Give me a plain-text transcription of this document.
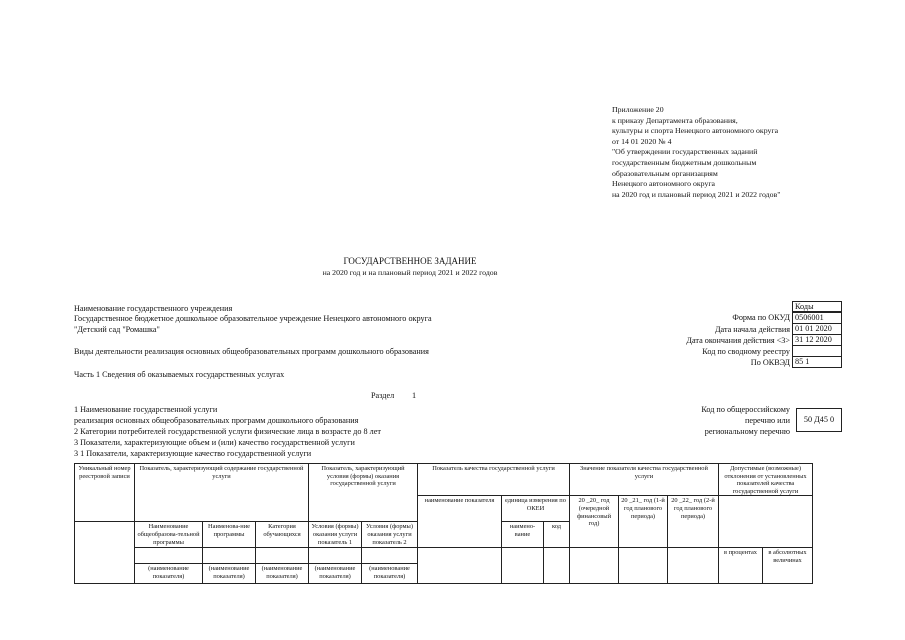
Приложение 20
к приказу Департамента образования,
культуры и спорта Ненецкого автономного округа
от 14 01 2020 № 4
"Об утверждении государственных заданий
государственным бюджетным дошкольным
образовательным организациям
Ненецкого автономного округа
на 2020 год и плановый период 2021 и 2022 годов"
ГОСУДАРСТВЕННОЕ ЗАДАНИЕ
на 2020 год и на плановый период 2021 и 2022 годов
Наименование государственного учреждения
Государственное бюджетное дошкольное образовательное учреждение Ненецкого автономного округа
"Детский сад "Ромашка"
Виды деятельности реализация основных общеобразовательных программ дошкольного образования
Коды
Форма по ОКУД 0506001
Дата начала действия 01 01 2020
Дата окончания действия <3> 31 12 2020
Код по сводному реестру
По ОКВЭД 85 1
Часть 1 Сведения об оказываемых государственных услугах
Раздел 1
1 Наименование государственной услуги
реализация основных общеобразовательных программ дошкольного образования
2 Категории потребителей государственной услуги физические лица в возрасте до 8 лет
3 Показатели, характеризующие объем и (или) качество государственной услуги
3 1 Показатели, характеризующие качество государственной услуги
Код по общероссийскому
перечню или
региональному перечню
50 Д45 0
Уникальный номер реестровой записи	Показатель, характеризующий содержание государственной услуги			Показатель, характеризующий условия (формы) оказания государственной услуги		Показатель качества государственной услуги			Значение показателя качества государственной услуги			Допустимые (возможные) отклонения от установленных показателей качества государственной услуги	
						наименование показателя	единица измерения по ОКЕИ		20 _20_ год (очередной финансовый год)	20 _21_ год (1-й год планового периода)	20 _22_ год (2-й год планового периода)		
	Наименование общеобразова-тельной программы	Наименова-ние программы	Категория обучающихся	Условия (формы) оказания услуги показатель 1	Условия (формы) оказания услуги показатель 2		наимено-вание	код					
												в процентах	в абсолютных величинах
	(наименование показателя)	(наименование показателя)	(наименование показателя)	(наименование показателя)	(наименование показателя)								
